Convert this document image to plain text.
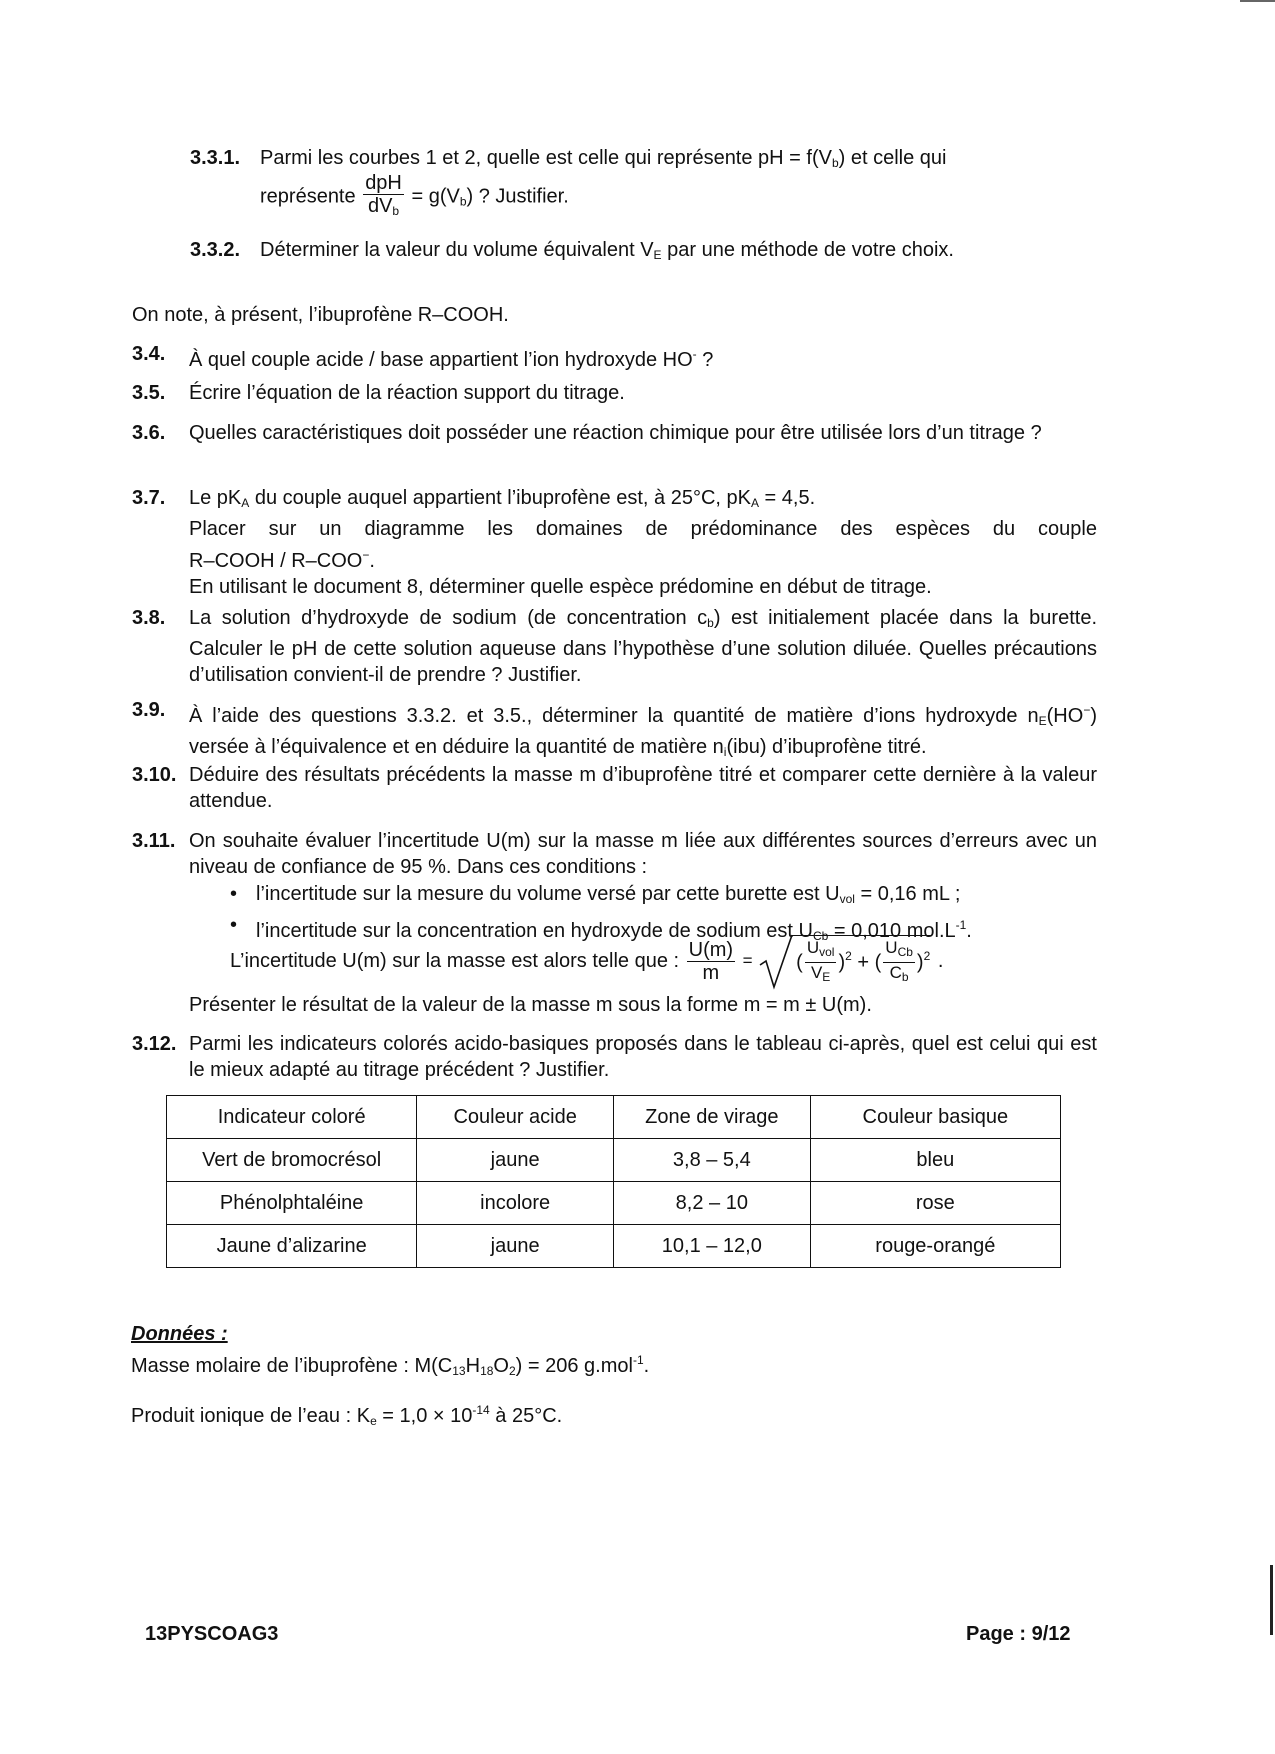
3.3.1. Parmi les courbes 1 et 2, quelle est celle qui représente pH = $f(V_b)$ et celle qui
représente $\frac{\text{dpH}}{dV_b} = g(V_b)$ ? Justifier.
3.3.2. Déterminer la valeur du volume équivalent $V_E$ par une méthode de votre choix.
On note, à présent, l’ibuprofène R–COOH.
3.4. À quel couple acide / base appartient l’ion hydroxyde HO- ?
3.5. Écrire l’équation de la réaction support du titrage.
3.6. Quelles caractéristiques doit posséder une réaction chimique pour être utilisée lors d’un titrage ?
3.7. Le $pK_A$ du couple auquel appartient l’ibuprofène est, à 25°C, $pK_A = 4,5$.
Placer sur un diagramme les domaines de prédominance des espèces du couple
R–COOH / R–COO−.
En utilisant le document 8, déterminer quelle espèce prédomine en début de titrage.
3.8. La solution d’hydroxyde de sodium (de concentration $c_b$) est initialement placée dans la burette. Calculer le pH de cette solution aqueuse dans l’hypothèse d’une solution diluée. Quelles précautions d’utilisation convient-il de prendre ? Justifier.
3.9. À l’aide des questions 3.3.2. et 3.5., déterminer la quantité de matière d’ions hydroxyde $n_E(HO^-)$ versée à l’équivalence et en déduire la quantité de matière $n_i(ibu)$ d’ibuprofène titré.
3.10. Déduire des résultats précédents la masse m d’ibuprofène titré et comparer cette dernière à la valeur attendue.
3.11. On souhaite évaluer l’incertitude U(m) sur la masse m liée aux différentes sources d’erreurs avec un niveau de confiance de 95 %. Dans ces conditions :
• l’incertitude sur la mesure du volume versé par cette burette est $U_{vol} = 0,16$ mL ;
• l’incertitude sur la concentration en hydroxyde de sodium est $U_{Cb} = 0,010$ $mol.L^{-1}$.
L’incertitude U(m) sur la masse est alors telle que : $\frac{U(m)}{m}$ = ( $\frac{U_{vol}}{V_E} )^2$ + ( $\frac{U_{Cb}}{C_b} )^2$ .
Présenter le résultat de la valeur de la masse m sous la forme m = m ± U(m).
3.12. Parmi les indicateurs colorés acido-basiques proposés dans le tableau ci-après, quel est celui qui est le mieux adapté au titrage précédent ? Justifier.
Indicateur coloré	Couleur acide	Zone de virage	Couleur basique
Vert de bromocrésol	jaune	3,8 – 5,4	bleu
Phénolphtaléine	incolore	8,2 – 10	rose
Jaune d’alizarine	jaune	10,1 – 12,0	rouge-orangé
Données :
Masse molaire de l’ibuprofène : $M(C_{13}H_{18}O_2) = 206$ g.mol$^{-1}$.
Produit ionique de l’eau : $K_e = 1,0 \times 10^{-14}$ à 25°C.
13PYSCOAG3	Page : 9/12
